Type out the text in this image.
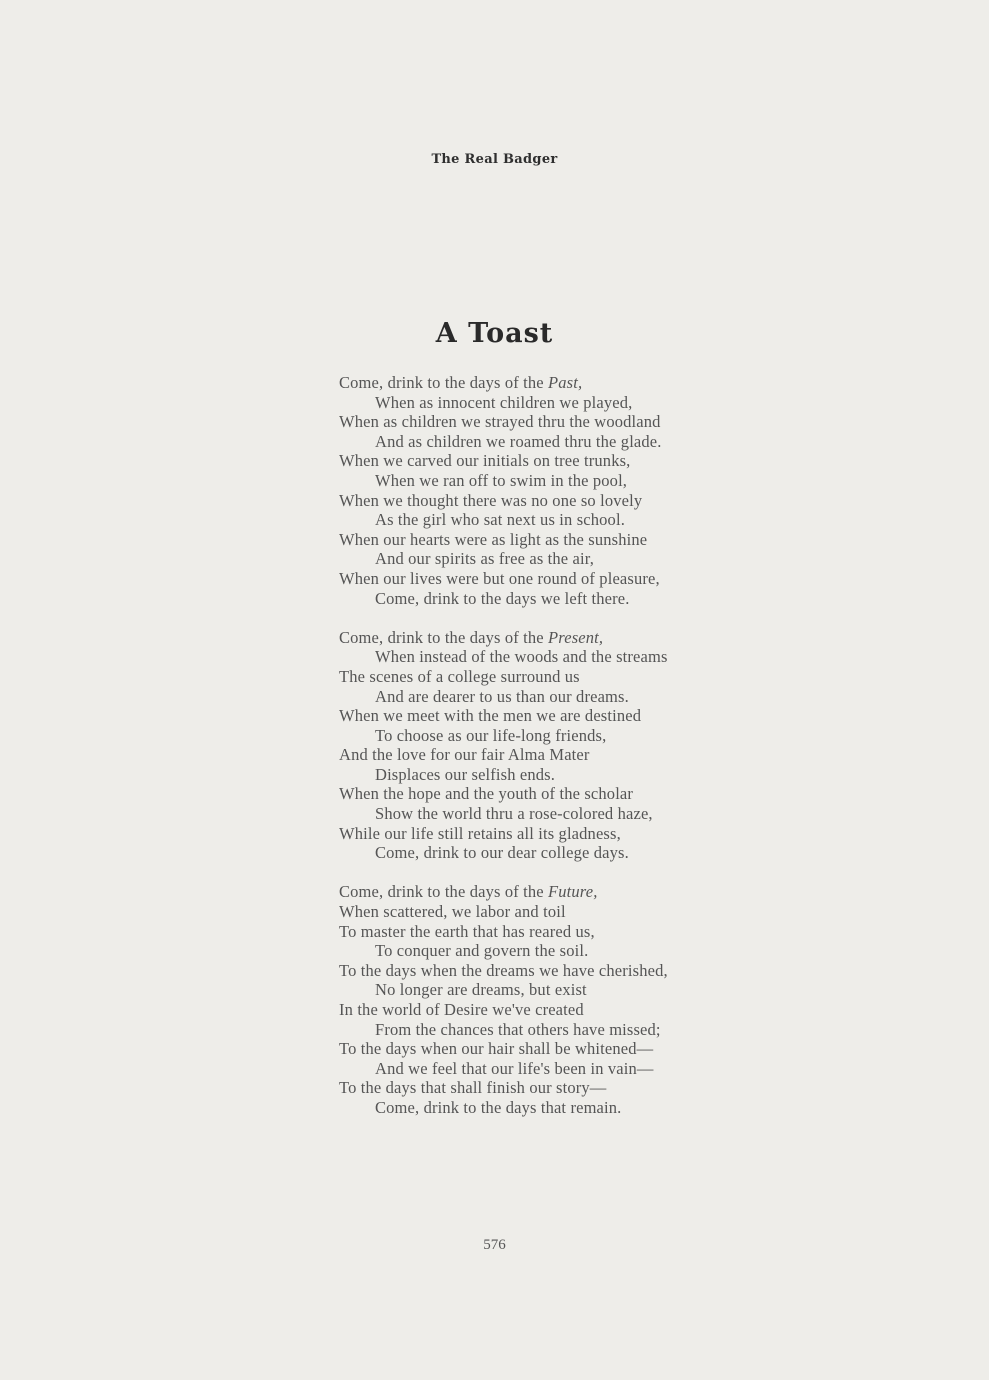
The Real Badger
A Toast
Come, drink to the days of the Past,
When as innocent children we played,
When as children we strayed thru the woodland
And as children we roamed thru the glade.
When we carved our initials on tree trunks,
When we ran off to swim in the pool,
When we thought there was no one so lovely
As the girl who sat next us in school.
When our hearts were as light as the sunshine
And our spirits as free as the air,
When our lives were but one round of pleasure,
Come, drink to the days we left there.
Come, drink to the days of the Present,
When instead of the woods and the streams
The scenes of a college surround us
And are dearer to us than our dreams.
When we meet with the men we are destined
To choose as our life-long friends,
And the love for our fair Alma Mater
Displaces our selfish ends.
When the hope and the youth of the scholar
Show the world thru a rose-colored haze,
While our life still retains all its gladness,
Come, drink to our dear college days.
Come, drink to the days of the Future,
When scattered, we labor and toil
To master the earth that has reared us,
To conquer and govern the soil.
To the days when the dreams we have cherished,
No longer are dreams, but exist
In the world of Desire we've created
From the chances that others have missed;
To the days when our hair shall be whitened—
And we feel that our life's been in vain—
To the days that shall finish our story—
Come, drink to the days that remain.
576
